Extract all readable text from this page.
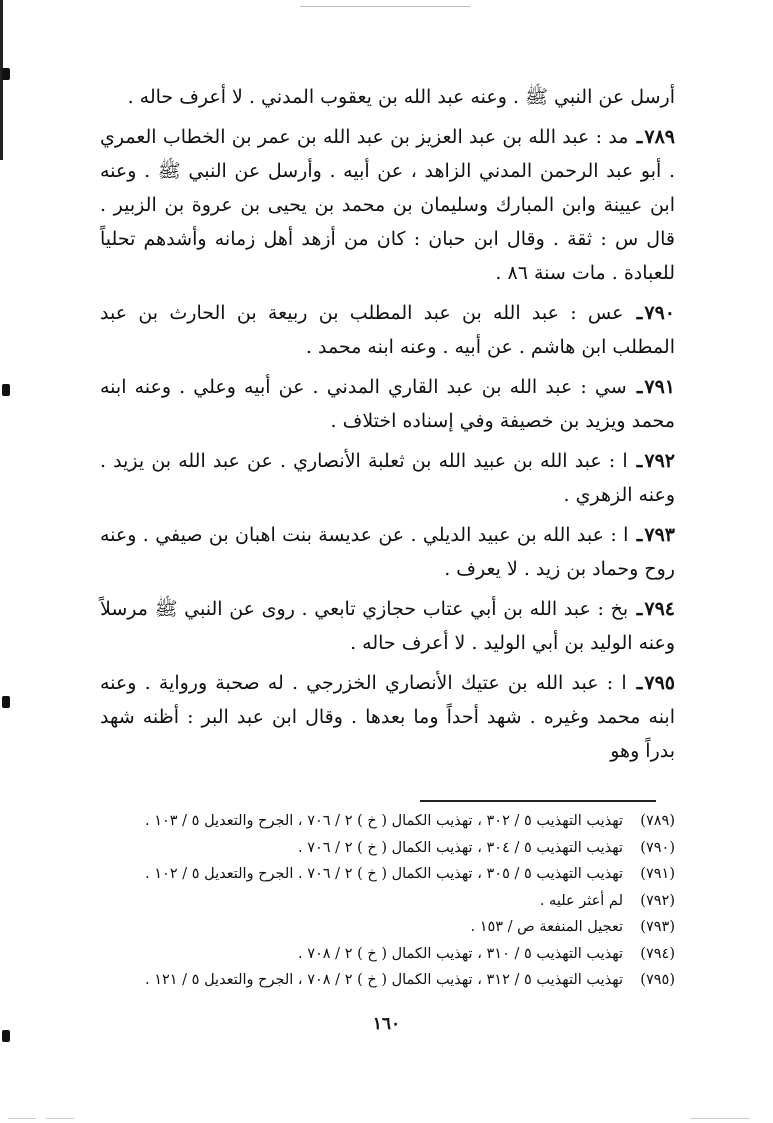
أرسل عن النبي ﷺ . وعنه عبد الله بن يعقوب المدني . لا أعرف حاله .

٧٨٩ـ مد : عبد الله بن عبد العزيز بن عبد الله بن عمر بن الخطاب العمري . أبو عبد الرحمن المدني الزاهد ، عن أبيه . وأرسل عن النبي ﷺ . وعنه ابن عيينة وابن المبارك وسليمان بن محمد بن يحيى بن عروة بن الزبير . قال س : ثقة . وقال ابن حبان : كان من أزهد أهل زمانه وأشدهم تحلياً للعبادة . مات سنة ٨٦ .

٧٩٠ـ عس : عبد الله بن عبد المطلب بن ربيعة بن الحارث بن عبد المطلب ابن هاشم . عن أبيه . وعنه ابنه محمد .

٧٩١ـ سي : عبد الله بن عبد القاري المدني . عن أبيه وعلي . وعنه ابنه محمد ويزيد بن خصيفة وفي إسناده اختلاف .

٧٩٢ـ ا : عبد الله بن عبيد الله بن ثعلبة الأنصاري . عن عبد الله بن يزيد . وعنه الزهري .

٧٩٣ـ ا : عبد الله بن عبيد الديلي . عن عديسة بنت اهبان بن صيفي . وعنه روح وحماد بن زيد . لا يعرف .

٧٩٤ـ بخ : عبد الله بن أبي عتاب حجازي تابعي . روى عن النبي ﷺ مرسلاً وعنه الوليد بن أبي الوليد . لا أعرف حاله .

٧٩٥ـ ا : عبد الله بن عتيك الأنصاري الخزرجي . له صحبة ورواية . وعنه ابنه محمد وغيره . شهد أحداً وما بعدها . وقال ابن عبد البر : أظنه شهد بدراً وهو

(٧٨٩)تهذيب التهذيب ٥ / ٣٠٢ ، تهذيب الكمال ( خ ) ٢ / ٧٠٦ ، الجرح والتعديل ٥ / ١٠٣ .
(٧٩٠)تهذيب التهذيب ٥ / ٣٠٤ ، تهذيب الكمال ( خ ) ٢ / ٧٠٦ .
(٧٩١)تهذيب التهذيب ٥ / ٣٠٥ ، تهذيب الكمال ( خ ) ٢ / ٧٠٦ . الجرح والتعديل ٥ / ١٠٢ .
(٧٩٢)لم أعثر عليه .
(٧٩٣)تعجيل المنفعة ص / ١٥٣ .
(٧٩٤)تهذيب التهذيب ٥ / ٣١٠ ، تهذيب الكمال ( خ ) ٢ / ٧٠٨ .
(٧٩٥)تهذيب التهذيب ٥ / ٣١٢ ، تهذيب الكمال ( خ ) ٢ / ٧٠٨ ، الجرح والتعديل ٥ / ١٢١ .
١٦٠
